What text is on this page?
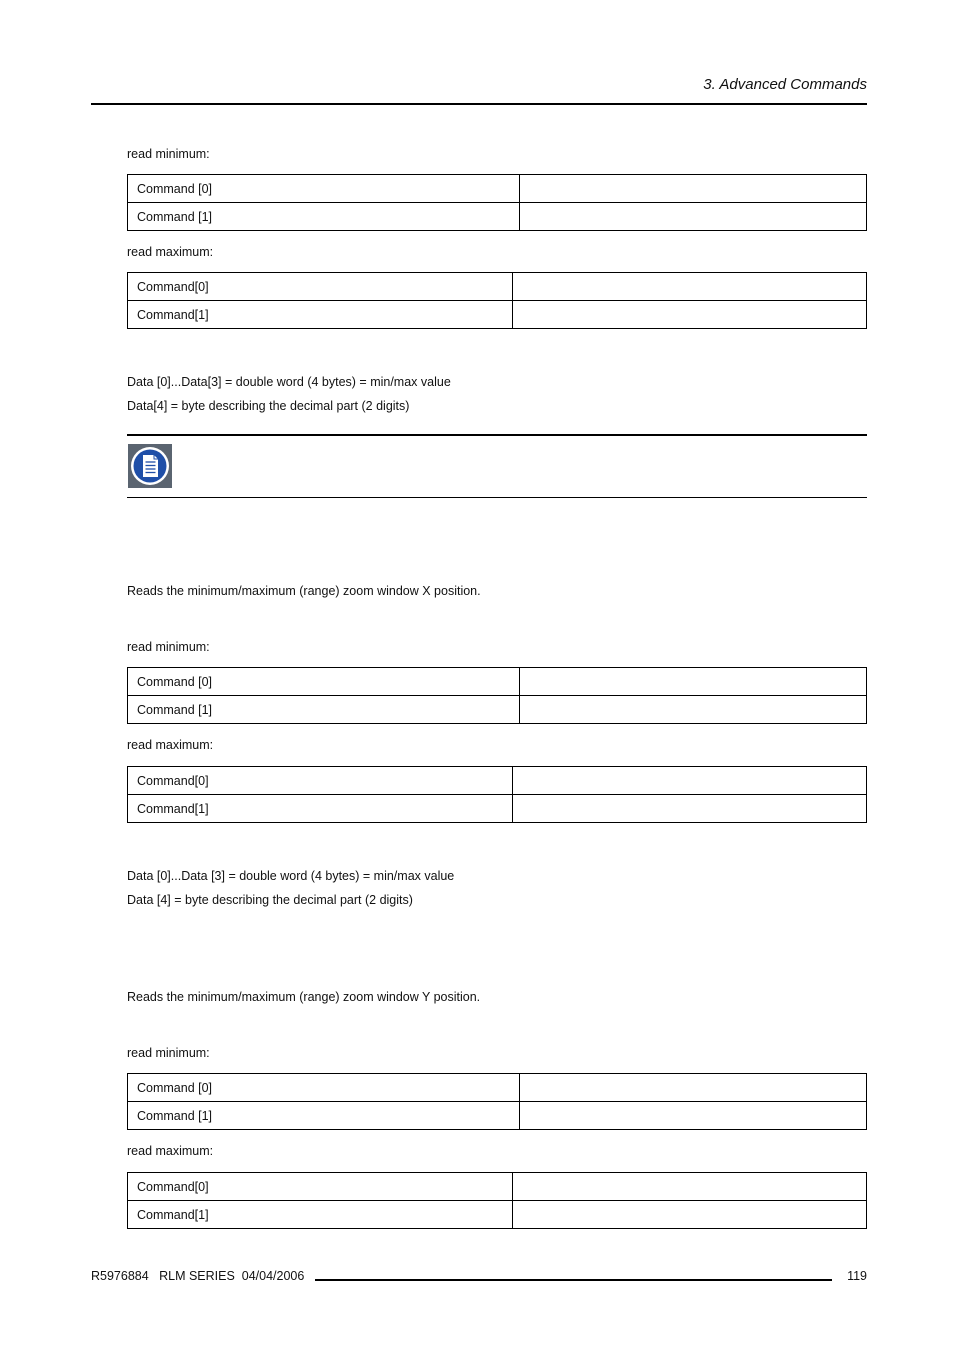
3. Advanced Commands
read minimum:
Command [0]	
Command [1]	
read maximum:
Command[0]	
Command[1]	
Data [0]...Data[3] = double word (4 bytes) = min/max value
Data[4] = byte describing the decimal part (2 digits)
Reads the minimum/maximum (range) zoom window X position.
read minimum:
Command [0]	
Command [1]	
read maximum:
Command[0]	
Command[1]	
Data [0]...Data [3] = double word (4 bytes) = min/max value
Data [4] = byte describing the decimal part (2 digits)
Reads the minimum/maximum (range) zoom window Y position.
read minimum:
Command [0]	
Command [1]	
read maximum:
Command[0]	
Command[1]	
R5976884   RLM SERIES  04/04/2006	119
